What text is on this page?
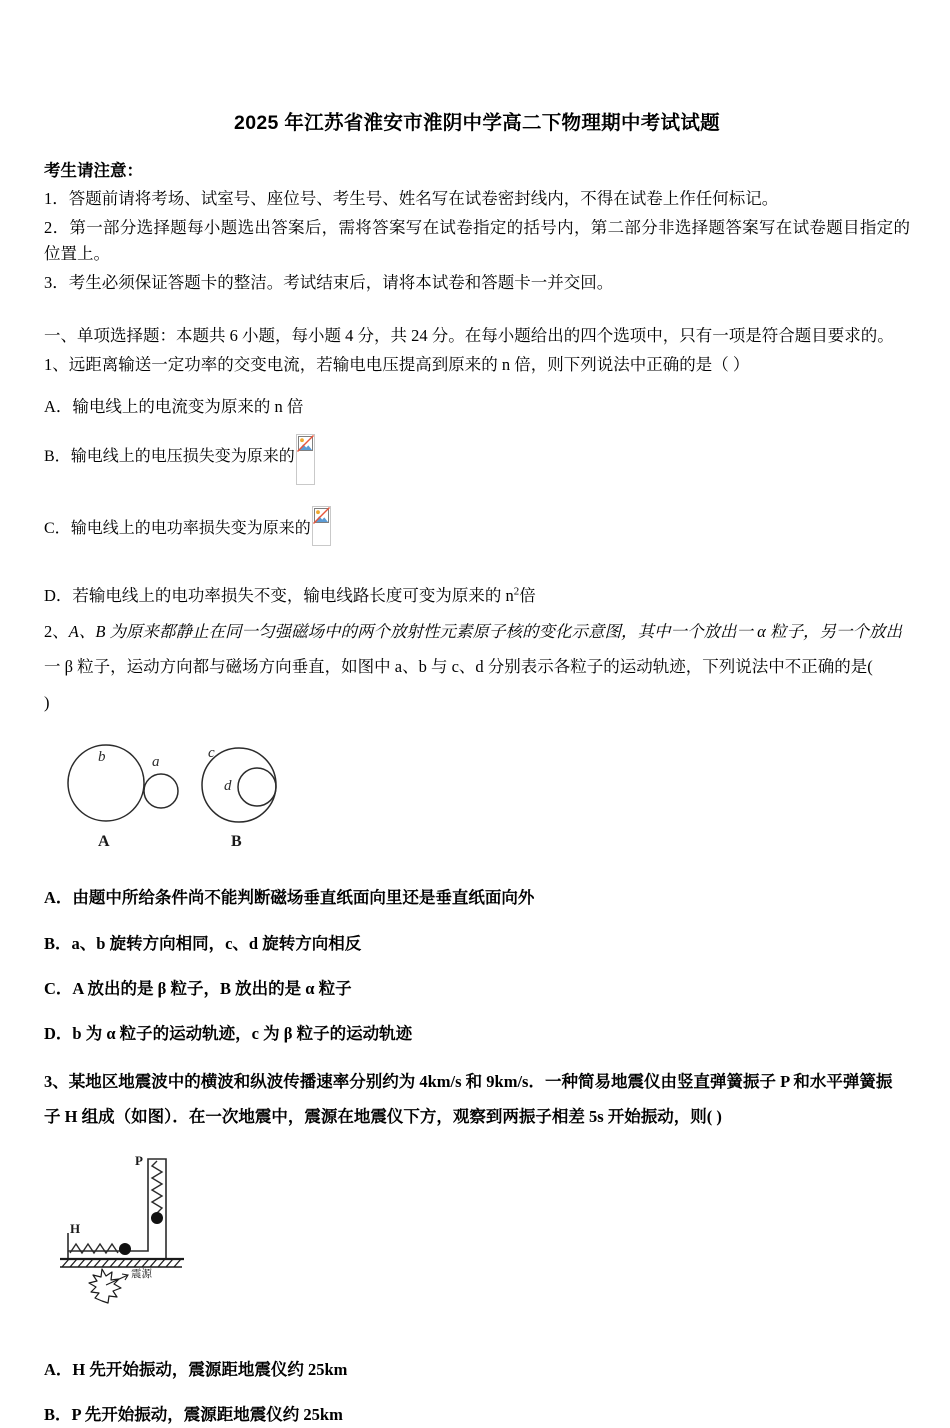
2025 年江苏省淮安市淮阴中学高二下物理期中考试试题
考生请注意：
1．答题前请将考场、试室号、座位号、考生号、姓名写在试卷密封线内，不得在试卷上作任何标记。
2．第一部分选择题每小题选出答案后，需将答案写在试卷指定的括号内，第二部分非选择题答案写在试卷题目指定的位置上。
3．考生必须保证答题卡的整洁。考试结束后，请将本试卷和答题卡一并交回。
一、单项选择题：本题共 6 小题，每小题 4 分，共 24 分。在每小题给出的四个选项中，只有一项是符合题目要求的。
1、远距离输送一定功率的交变电流，若输电电压提高到原来的 n 倍，则下列说法中正确的是（ ）
A．输电线上的电流变为原来的 n 倍
B． 输电线上的电压损失变为原来的
C． 输电线上的电功率损失变为原来的
D．若输电线上的电功率损失不变，输电线路长度可变为原来的 $n^2$倍
2、A、B 为原来都静止在同一匀强磁场中的两个放射性元素原子核的变化示意图，其中一个放出一 α 粒子，另一个放出
一 β 粒子，运动方向都与磁场方向垂直，如图中 a、b 与 c、d 分别表示各粒子的运动轨迹，下列说法中不正确的是(
)
b	a
A
c
d
B
A．由题中所给条件尚不能判断磁场垂直纸面向里还是垂直纸面向外
B．a、b 旋转方向相同，c、d 旋转方向相反
C．A 放出的是 β 粒子，B 放出的是 α 粒子
D．b 为 α 粒子的运动轨迹，c 为 β 粒子的运动轨迹
3、某地区地震波中的横波和纵波传播速率分别约为 4km/s 和 9km/s．一种简易地震仪由竖直弹簧振子 P 和水平弹簧振
子 H 组成（如图）．在一次地震中，震源在地震仪下方，观察到两振子相差 5s 开始振动，则( )
P
H
震源
A．H 先开始振动，震源距地震仪约 25km
B．P 先开始振动，震源距地震仪约 25km
